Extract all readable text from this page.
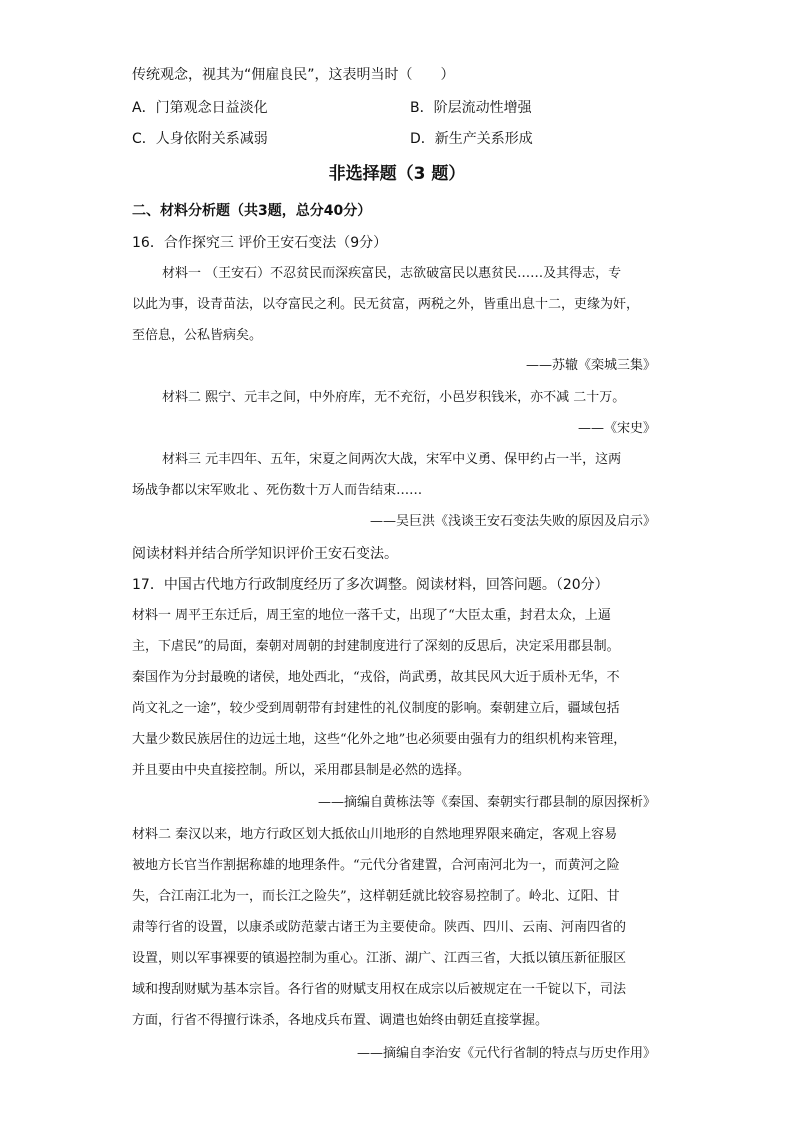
传统观念，视其为“佣雇良民”，这表明当时（　　）
A．门第观念日益淡化	B．阶层流动性增强
C．人身依附关系减弱	D．新生产关系形成
非选择题（3 题）
二、材料分析题（共3题，总分40分）
16．合作探究三 评价王安石变法（9分）
材料一 （王安石）不忍贫民而深疾富民，志欲破富民以惠贫民……及其得志，专
以此为事，设青苗法，以夺富民之利。民无贫富，两税之外，皆重出息十二，吏缘为奸，
至倍息，公私皆病矣。
——苏辙《栾城三集》
材料二 熙宁、元丰之间，中外府库，无不充衍，小邑岁积钱米，亦不减 二十万。
——《宋史》
材料三 元丰四年、五年，宋夏之间两次大战，宋军中义勇、保甲约占一半，这两
场战争都以宋军败北 、死伤数十万人而告结束……
——吴巨洪《浅谈王安石变法失败的原因及启示》
阅读材料并结合所学知识评价王安石变法。
17．中国古代地方行政制度经历了多次调整。阅读材料，回答问题。（20分）
材料一 周平王东迁后，周王室的地位一落千丈，出现了“大臣太重，封君太众，上逼
主，下虐民”的局面，秦朝对周朝的封建制度进行了深刻的反思后，决定采用郡县制。
秦国作为分封最晚的诸侯，地处西北，“戎俗，尚武勇，故其民风大近于质朴无华，不
尚文礼之一途”，较少受到周朝带有封建性的礼仪制度的影响。秦朝建立后，疆域包括
大量少数民族居住的边远土地，这些“化外之地”也必须要由强有力的组织机构来管理，
并且要由中央直接控制。所以，采用郡县制是必然的选择。
——摘编自黄栋法等《秦国、秦朝实行郡县制的原因探析》
材料二 秦汉以来，地方行政区划大抵依山川地形的自然地理界限来确定，客观上容易
被地方长官当作割据称雄的地理条件。“元代分省建置，合河南河北为一，而黄河之险
失，合江南江北为一，而长江之险失”，这样朝廷就比较容易控制了。岭北、辽阳、甘
肃等行省的设置，以康杀或防范蒙古诸王为主要使命。陕西、四川、云南、河南四省的
设置，则以军事裸要的镇遏控制为重心。江浙、湖广、江西三省，大抵以镇压新征服区
域和搜刮财赋为基本宗旨。各行省的财赋支用权在成宗以后被规定在一千锭以下，司法
方面，行省不得擅行诛杀，各地戍兵布置、调遣也始终由朝廷直接掌握。
——摘编自李治安《元代行省制的特点与历史作用》
